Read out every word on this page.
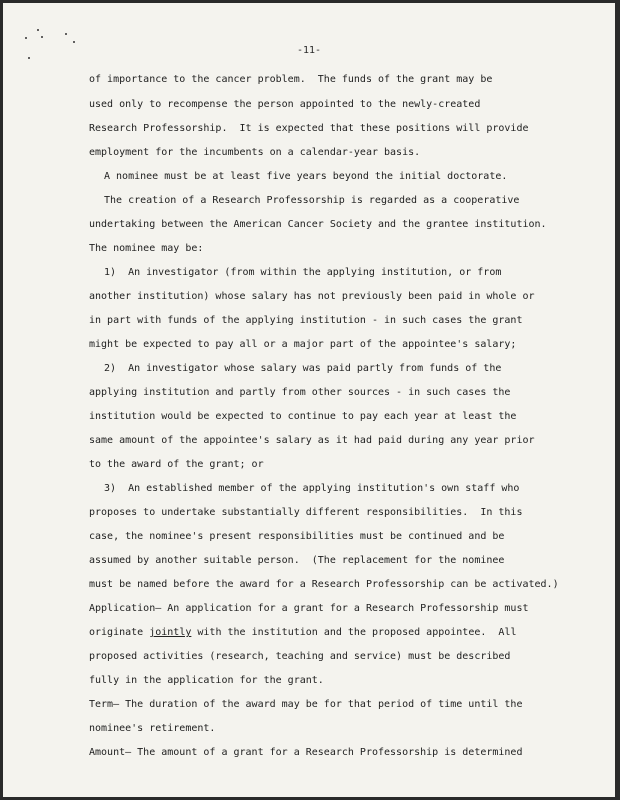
-11-
of importance to the cancer problem.  The funds of the grant may be
used only to recompense the person appointed to the newly-created
Research Professorship.  It is expected that these positions will provide
employment for the incumbents on a calendar-year basis.
A nominee must be at least five years beyond the initial doctorate.
The creation of a Research Professorship is regarded as a cooperative
undertaking between the American Cancer Society and the grantee institution.
The nominee may be:
1)  An investigator (from within the applying institution, or from
another institution) whose salary has not previously been paid in whole or
in part with funds of the applying institution - in such cases the grant
might be expected to pay all or a major part of the appointee's salary;
2)  An investigator whose salary was paid partly from funds of the
applying institution and partly from other sources - in such cases the
institution would be expected to continue to pay each year at least the
same amount of the appointee's salary as it had paid during any year prior
to the award of the grant; or
3)  An established member of the applying institution's own staff who
proposes to undertake substantially different responsibilities.  In this
case, the nominee's present responsibilities must be continued and be
assumed by another suitable person.  (The replacement for the nominee
must be named before the award for a Research Professorship can be activated.)
Application— An application for a grant for a Research Professorship must
originate jointly with the institution and the proposed appointee.  All
proposed activities (research, teaching and service) must be described
fully in the application for the grant.
Term— The duration of the award may be for that period of time until the
nominee's retirement.
Amount— The amount of a grant for a Research Professorship is determined
